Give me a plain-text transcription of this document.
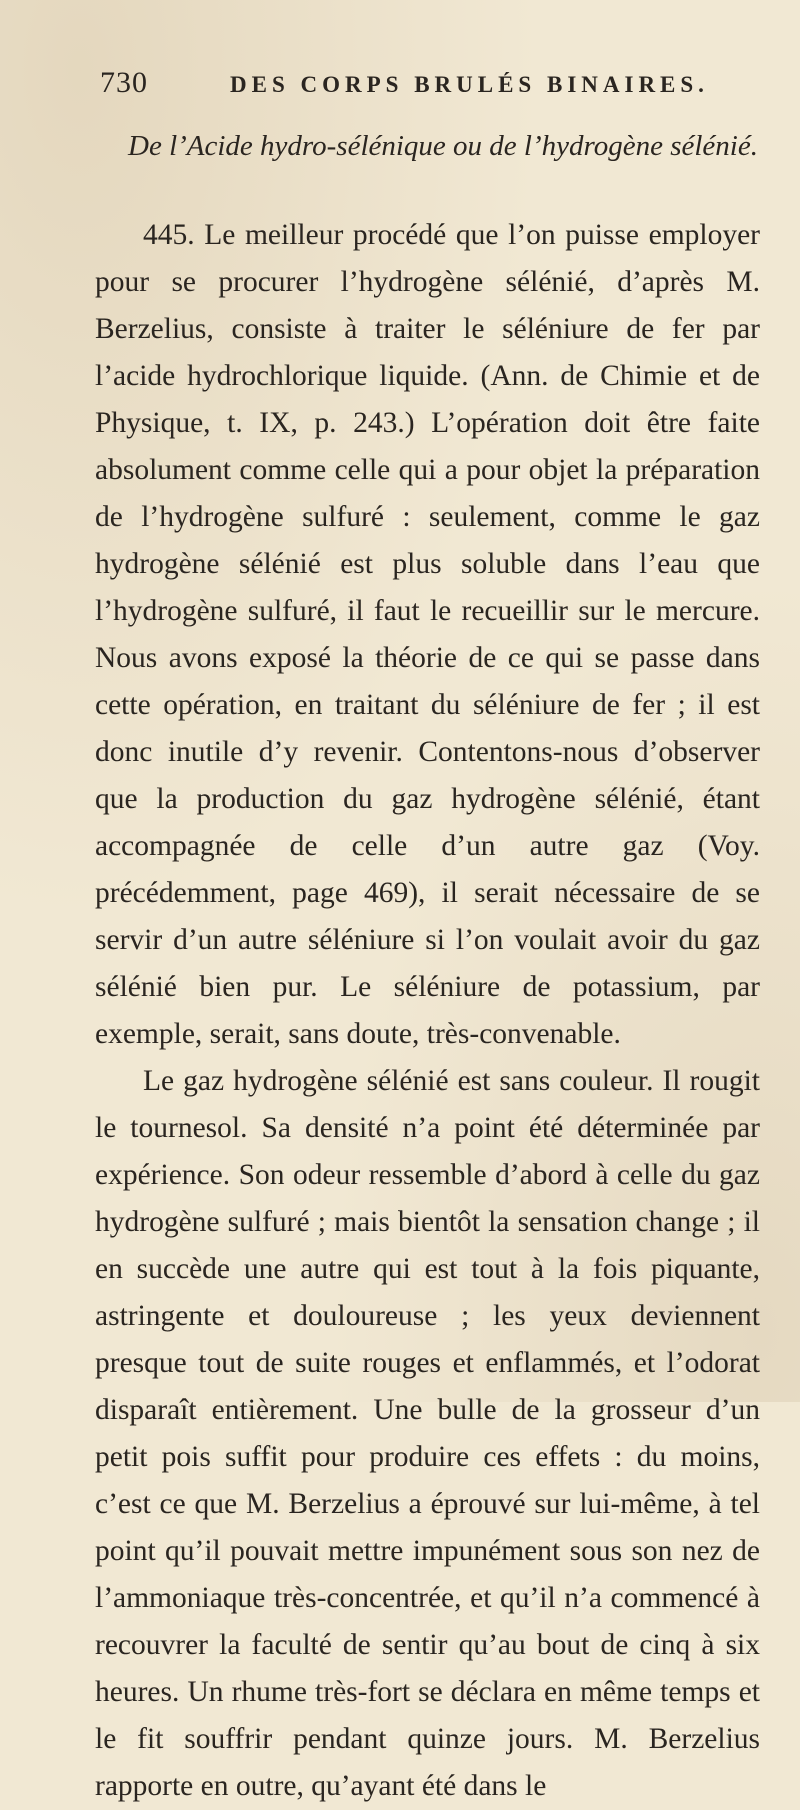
730	DES CORPS BRULÉS BINAIRES.
De l’Acide hydro-sélénique ou de l’hydrogène sélénié.

445. Le meilleur procédé que l’on puisse employer pour se procurer l’hydrogène sélénié, d’après M. Berzelius, consiste à traiter le séléniure de fer par l’acide hydrochlorique liquide. (Ann. de Chimie et de Physique, t. IX, p. 243.) L’opération doit être faite absolument comme celle qui a pour objet la préparation de l’hydrogène sulfuré : seulement, comme le gaz hydrogène sélénié est plus soluble dans l’eau que l’hydrogène sulfuré, il faut le recueillir sur le mercure. Nous avons exposé la théorie de ce qui se passe dans cette opération, en traitant du séléniure de fer ; il est donc inutile d’y revenir. Contentons-nous d’observer que la production du gaz hydrogène sélénié, étant accompagnée de celle d’un autre gaz (Voy. précédemment, page 469), il serait nécessaire de se servir d’un autre séléniure si l’on voulait avoir du gaz sélénié bien pur. Le séléniure de potassium, par exemple, serait, sans doute, très-convenable.

Le gaz hydrogène sélénié est sans couleur. Il rougit le tournesol. Sa densité n’a point été déterminée par expérience. Son odeur ressemble d’abord à celle du gaz hydrogène sulfuré ; mais bientôt la sensation change ; il en succède une autre qui est tout à la fois piquante, astringente et douloureuse ; les yeux deviennent presque tout de suite rouges et enflammés, et l’odorat disparaît entièrement. Une bulle de la grosseur d’un petit pois suffit pour produire ces effets : du moins, c’est ce que M. Berzelius a éprouvé sur lui-même, à tel point qu’il pouvait mettre impunément sous son nez de l’ammoniaque très-concentrée, et qu’il n’a commencé à recouvrer la faculté de sentir qu’au bout de cinq à six heures. Un rhume très-fort se déclara en même temps et le fit souffrir pendant quinze jours. M. Berzelius rapporte en outre, qu’ayant été dans le
